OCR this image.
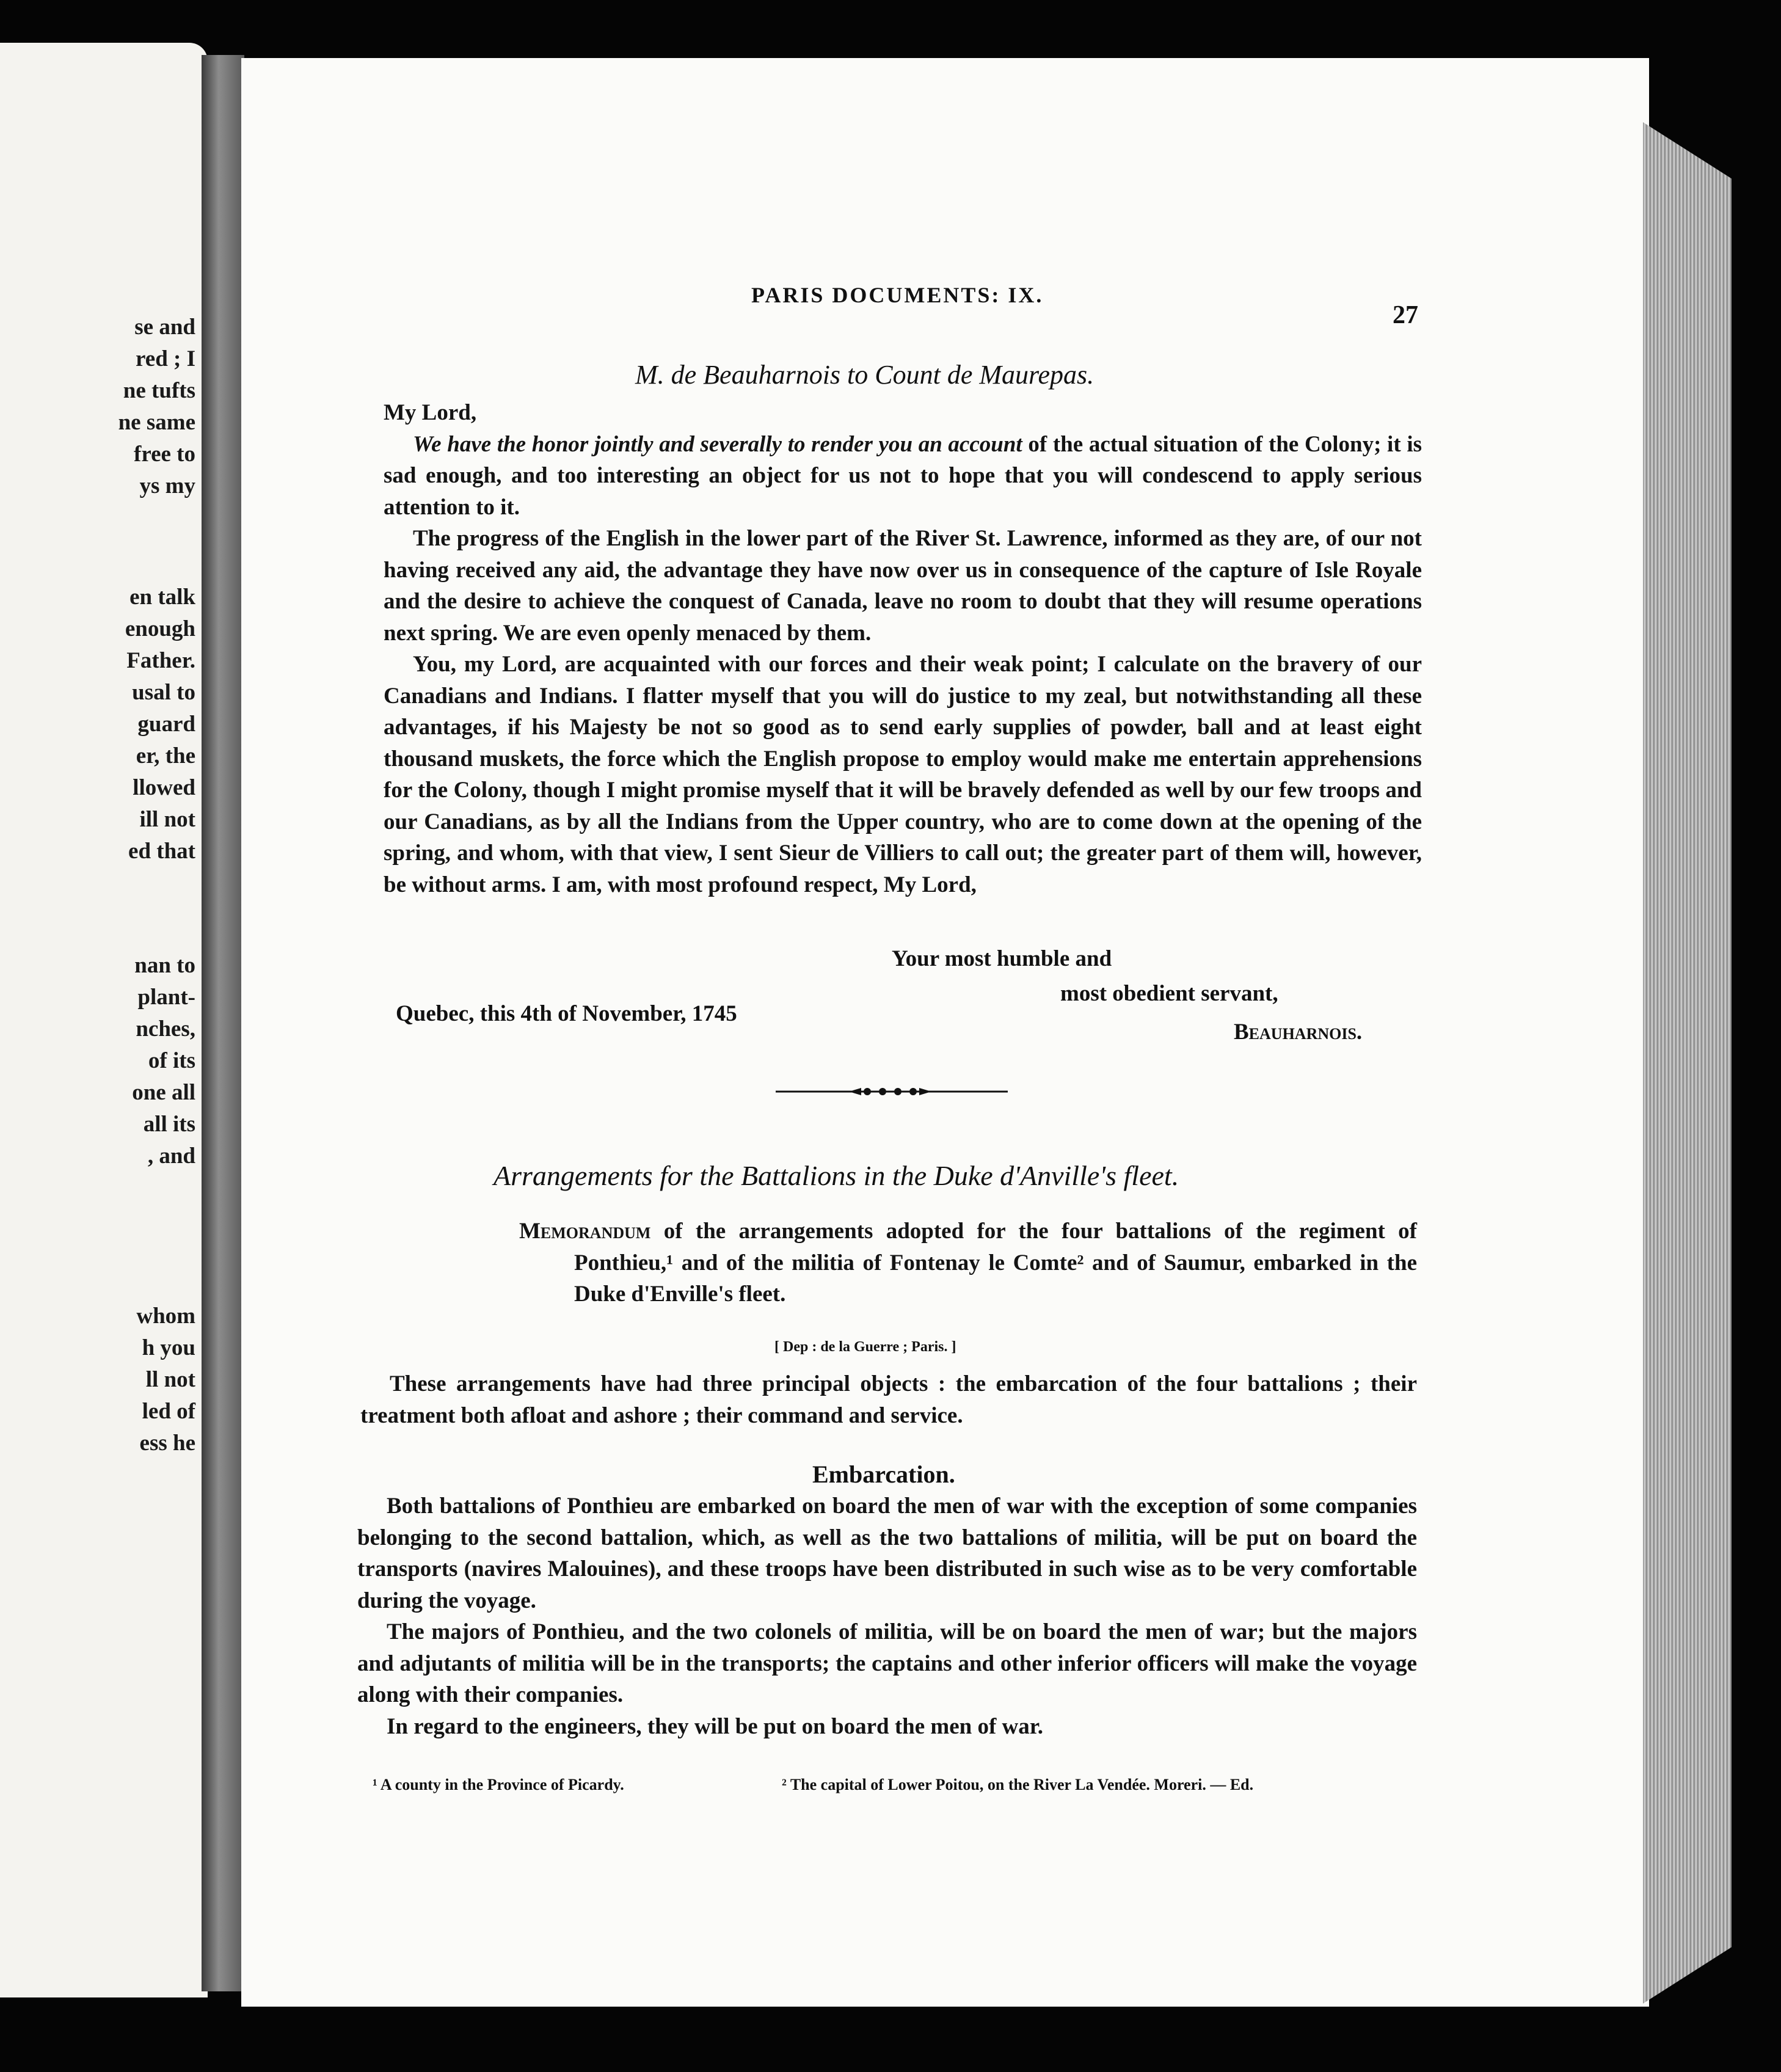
se and
red ; I
ne tufts
ne same
free to
ys my
en talk
enough
Father.
usal to
guard
er, the
llowed
ill not
ed that
nan to
plant-
nches,
of its
one all
all its
, and
whom
h you
ll not
led of
ess he
PARIS DOCUMENTS: IX.
27
M. de Beauharnois to Count de Maurepas.

My Lord,

We have the honor jointly and severally to render you an account of the actual situation of the Colony; it is sad enough, and too interesting an object for us not to hope that you will condescend to apply serious attention to it.

The progress of the English in the lower part of the River St. Lawrence, informed as they are, of our not having received any aid, the advantage they have now over us in consequence of the capture of Isle Royale and the desire to achieve the conquest of Canada, leave no room to doubt that they will resume operations next spring. We are even openly menaced by them.

You, my Lord, are acquainted with our forces and their weak point; I calculate on the bravery of our Canadians and Indians. I flatter myself that you will do justice to my zeal, but notwithstanding all these advantages, if his Majesty be not so good as to send early supplies of powder, ball and at least eight thousand muskets, the force which the English propose to employ would make me entertain apprehensions for the Colony, though I might promise myself that it will be bravely defended as well by our few troops and our Canadians, as by all the Indians from the Upper country, who are to come down at the opening of the spring, and whom, with that view, I sent Sieur de Villiers to call out; the greater part of them will, however, be without arms. I am, with most profound respect, My Lord,

Your most humble and
most obedient servant,
Quebec, this 4th of November, 1745
Beauharnois.
Arrangements for the Battalions in the Duke d'Anville's fleet.

Memorandum of the arrangements adopted for the four battalions of the regiment of Ponthieu,¹ and of the militia of Fontenay le Comte² and of Saumur, embarked in the Duke d'Enville's fleet.

[ Dep : de la Guerre ; Paris. ]

These arrangements have had three principal objects : the embarcation of the four battalions ; their treatment both afloat and ashore ; their command and service.

Embarcation.

Both battalions of Ponthieu are embarked on board the men of war with the exception of some companies belonging to the second battalion, which, as well as the two battalions of militia, will be put on board the transports (navires Malouines), and these troops have been distributed in such wise as to be very comfortable during the voyage.

The majors of Ponthieu, and the two colonels of militia, will be on board the men of war; but the majors and adjutants of militia will be in the transports; the captains and other inferior officers will make the voyage along with their companies.

In regard to the engineers, they will be put on board the men of war.

¹ A county in the Province of Picardy.	² The capital of Lower Poitou, on the River La Vendée. Moreri. — Ed.
